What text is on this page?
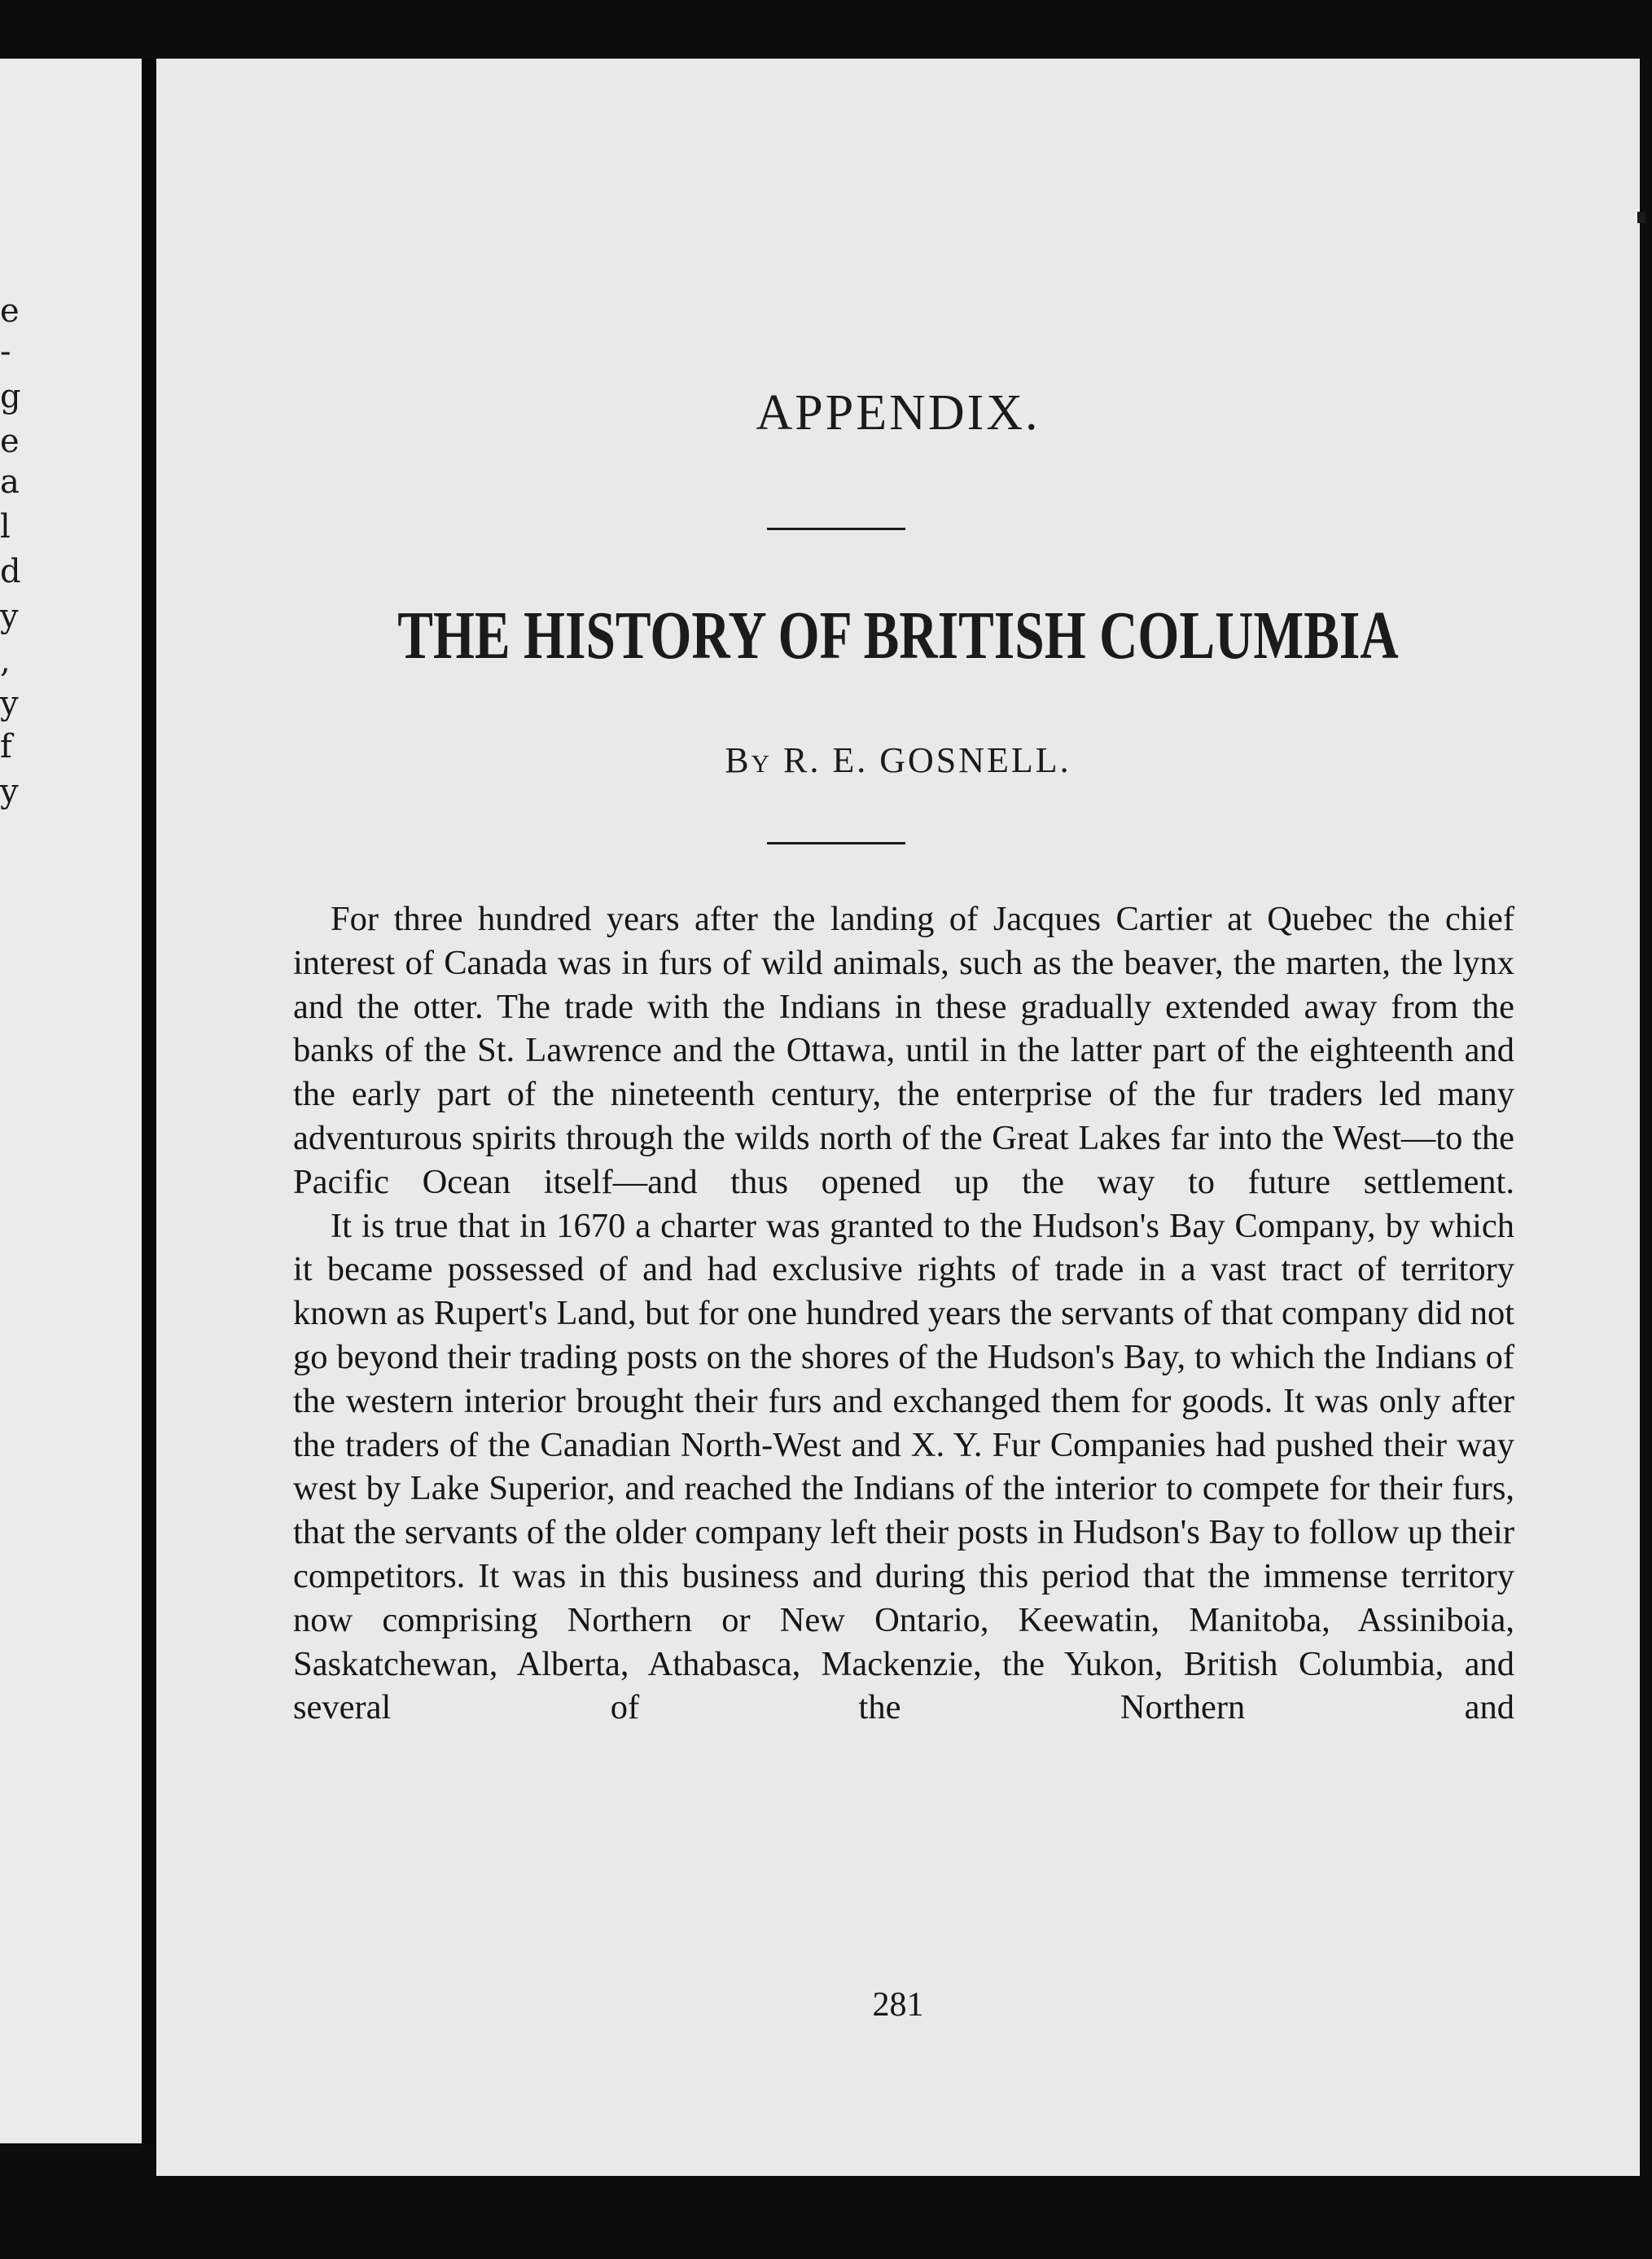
e
-
g
e
a
l
d
y
,
y
f
y
APPENDIX.
THE HISTORY OF BRITISH COLUMBIA
By R. E. GOSNELL.

For three hundred years after the landing of Jacques Cartier at Quebec the chief interest of Canada was in furs of wild animals, such as the beaver, the marten, the lynx and the otter. The trade with the Indians in these gradually extended away from the banks of the St. Lawrence and the Ottawa, until in the latter part of the eighteenth and the early part of the nineteenth century, the enterprise of the fur traders led many adventurous spirits through the wilds north of the Great Lakes far into the West—to the Pacific Ocean itself—and thus opened up the way to future settlement.

It is true that in 1670 a charter was granted to the Hudson's Bay Company, by which it became possessed of and had exclusive rights of trade in a vast tract of territory known as Rupert's Land, but for one hundred years the servants of that company did not go beyond their trading posts on the shores of the Hudson's Bay, to which the Indians of the western interior brought their furs and exchanged them for goods. It was only after the traders of the Canadian North-West and X. Y. Fur Companies had pushed their way west by Lake Superior, and reached the Indians of the interior to compete for their furs, that the servants of the older company left their posts in Hudson's Bay to follow up their competitors. It was in this business and during this period that the immense territory now comprising Northern or New Ontario, Keewatin, Manitoba, Assiniboia, Saskatchewan, Alberta, Athabasca, Mackenzie, the Yukon, British Columbia, and several of the Northern and

281
